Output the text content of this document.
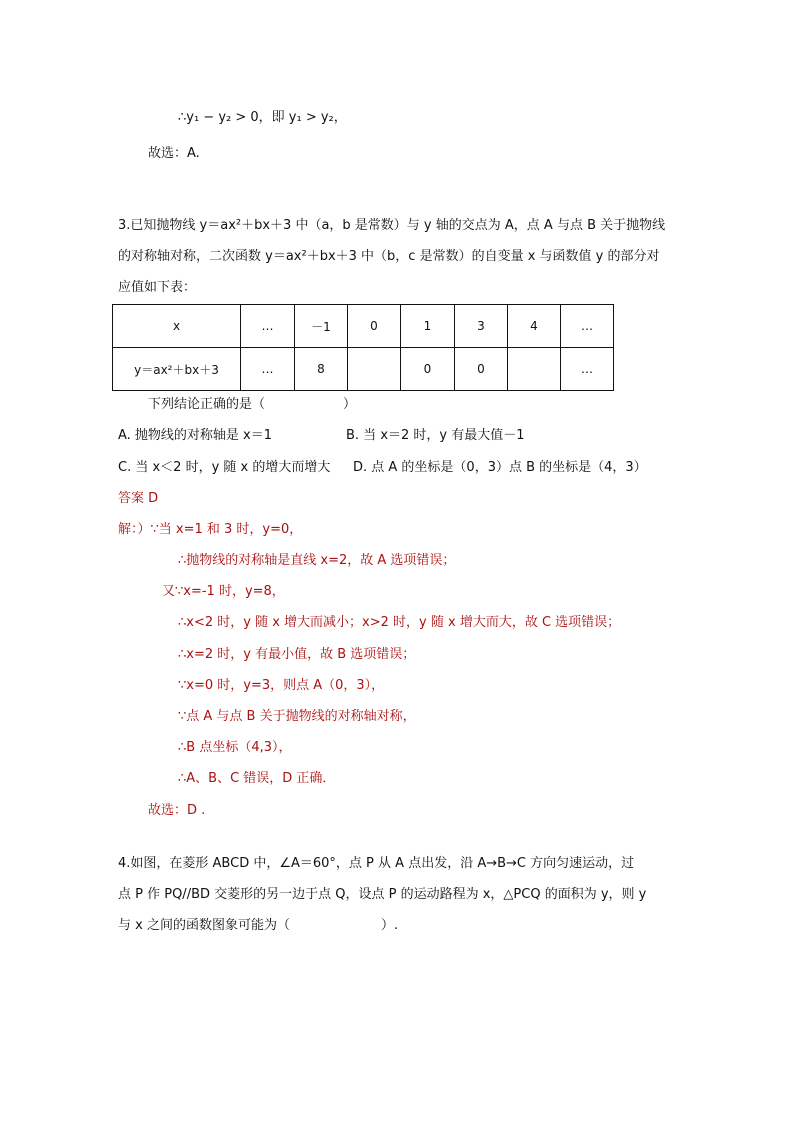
∴y₁ − y₂ > 0，即 y₁ > y₂，
故选：A.
3.已知抛物线 y＝ax²＋bx＋3 中（a，b 是常数）与 y 轴的交点为 A，点 A 与点 B 关于抛物线
的对称轴对称，二次函数 y＝ax²＋bx＋3 中（b，c 是常数）的自变量 x 与函数值 y 的部分对
应值如下表：
x	…	－1	0	1	3	4	…
y＝ax²＋bx＋3	…	8		0	0		…
下列结论正确的是（　　　　　　）
A. 抛物线的对称轴是 x＝1	B. 当 x＝2 时，y 有最大值－1
C. 当 x＜2 时，y 随 x 的增大而增大 D. 点 A 的坐标是（0，3）点 B 的坐标是（4，3）
答案 D
解：）∵当 x=1 和 3 时，y=0，
∴抛物线的对称轴是直线 x=2，故 A 选项错误；
又∵x=-1 时，y=8，
∴x<2 时，y 随 x 增大而减小；x>2 时，y 随 x 增大而大，故 C 选项错误；
∴x=2 时，y 有最小值，故 B 选项错误；
∵x=0 时，y=3，则点 A（0，3），
∵点 A 与点 B 关于抛物线的对称轴对称，
∴B 点坐标（4,3），
∴A、B、C 错误，D 正确．
故选：D .
4.如图，在菱形 ABCD 中，∠A＝60°，点 P 从 A 点出发，沿 A→B→C 方向匀速运动，过
点 P 作 PQ//BD 交菱形的另一边于点 Q，设点 P 的运动路程为 x，△PCQ 的面积为 y，则 y
与 x 之间的函数图象可能为（　　　　　　　）.
